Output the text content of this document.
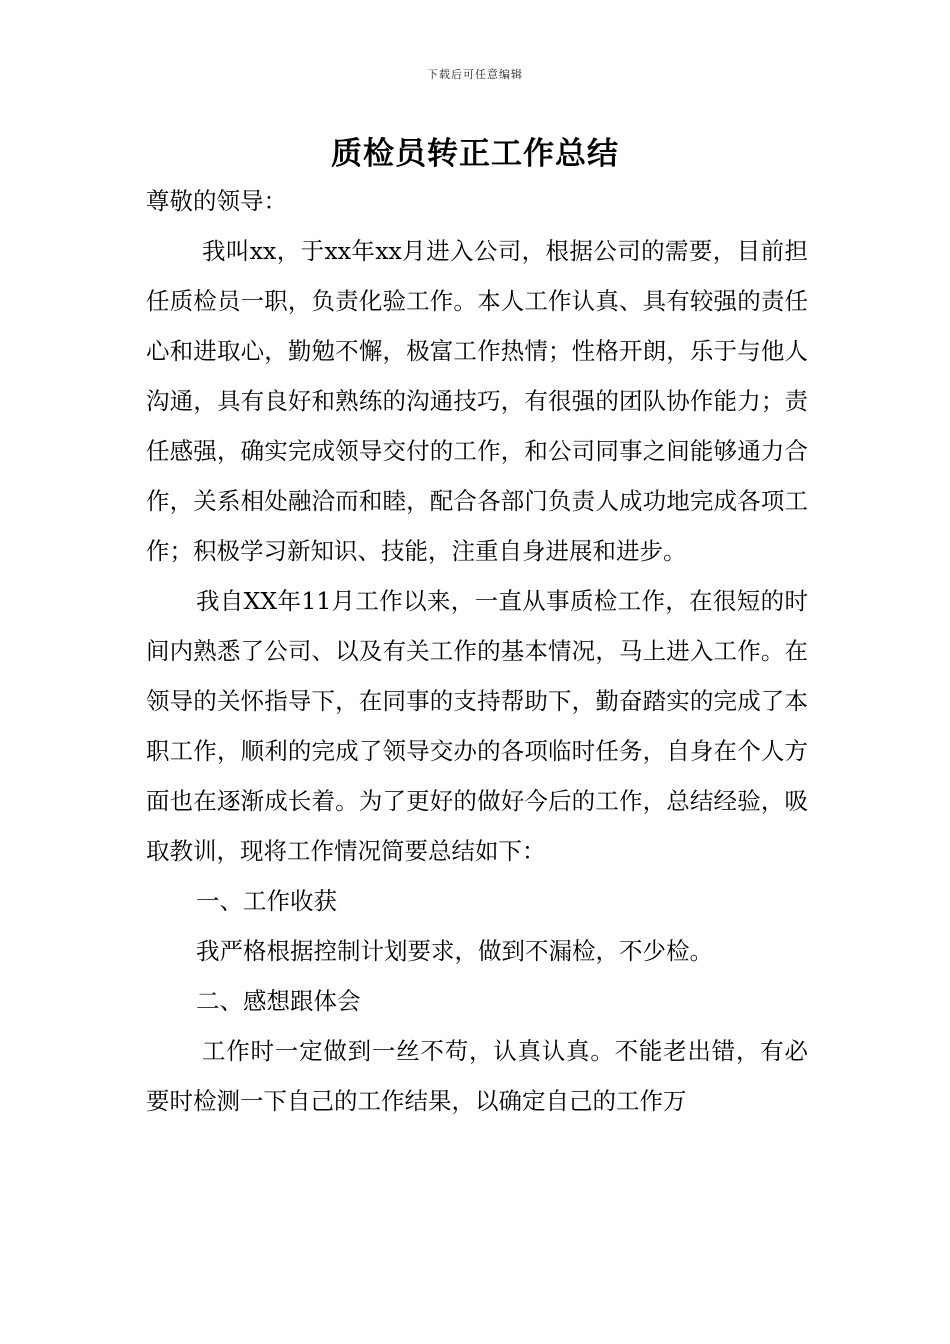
下载后可任意编辑
质检员转正工作总结

尊敬的领导：

我叫xx，于xx年xx月进入公司，根据公司的需要，目前担任质检员一职，负责化验工作。本人工作认真、具有较强的责任心和进取心，勤勉不懈，极富工作热情；性格开朗，乐于与他人沟通，具有良好和熟练的沟通技巧，有很强的团队协作能力；责任感强，确实完成领导交付的工作，和公司同事之间能够通力合作，关系相处融洽而和睦，配合各部门负责人成功地完成各项工作；积极学习新知识、技能，注重自身进展和进步。

我自XX年11月工作以来，一直从事质检工作，在很短的时间内熟悉了公司、以及有关工作的基本情况，马上进入工作。在领导的关怀指导下，在同事的支持帮助下，勤奋踏实的完成了本职工作，顺利的完成了领导交办的各项临时任务，自身在个人方面也在逐渐成长着。为了更好的做好今后的工作，总结经验，吸取教训，现将工作情况简要总结如下：

一、工作收获

我严格根据控制计划要求，做到不漏检，不少检。

二、感想跟体会

工作时一定做到一丝不苟，认真认真。不能老出错，有必要时检测一下自己的工作结果，以确定自己的工作万
